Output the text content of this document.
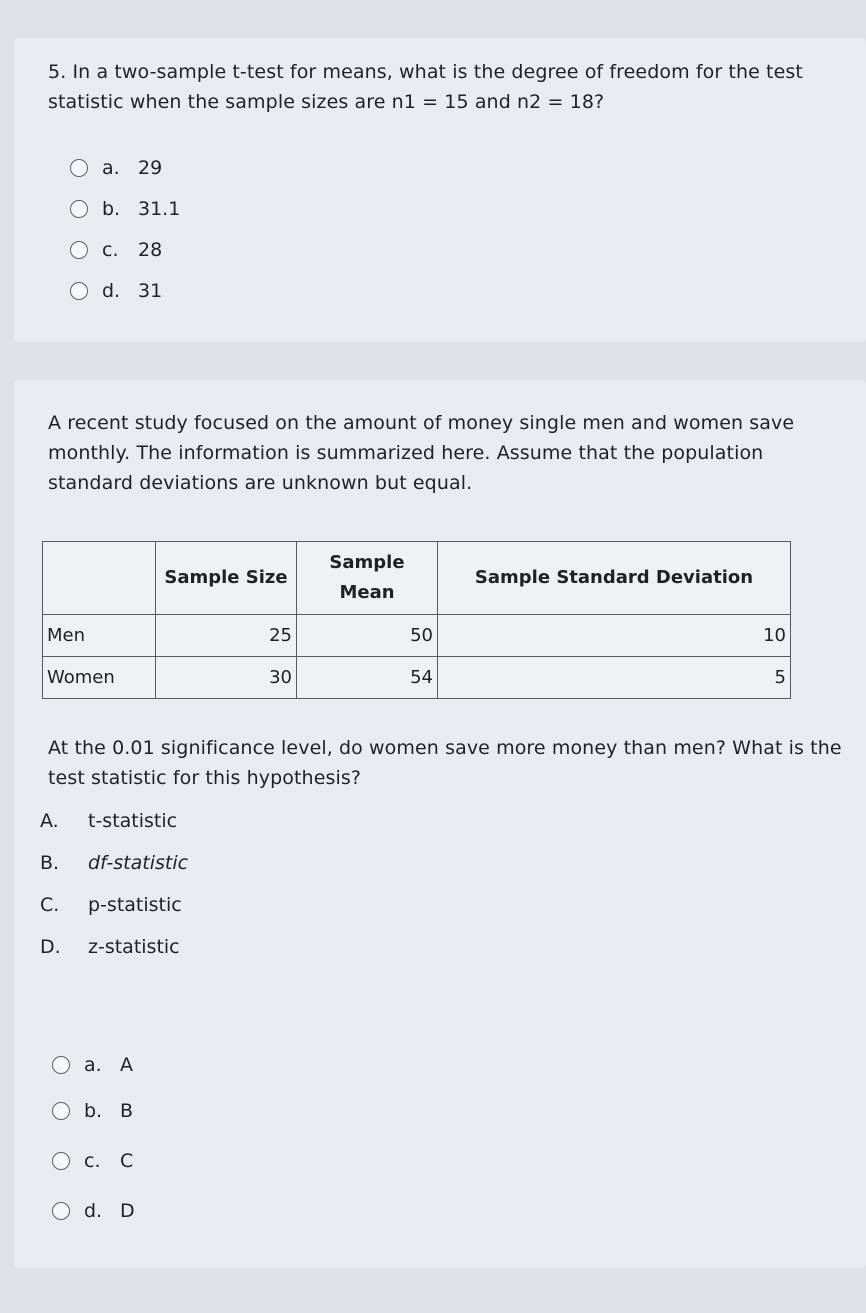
5. In a two-sample t-test for means, what is the degree of freedom for the test statistic when the sample sizes are n1 = 15 and n2 = 18?
a. 29
b. 31.1
c.	28
d. 31
A recent study focused on the amount of money single men and women save monthly. The information is summarized here. Assume that the population standard deviations are unknown but equal.
	Sample Size	Sample Mean	Sample Standard Deviation
Men	25	50	10
Women	30	54	5
At the 0.01 significance level, do women save more money than men? What is the test statistic for this hypothesis?
A.	t-statistic
B.	df-statistic
C.	p-statistic
D.	z-statistic
a. A
b. B
c.	C
d. D
